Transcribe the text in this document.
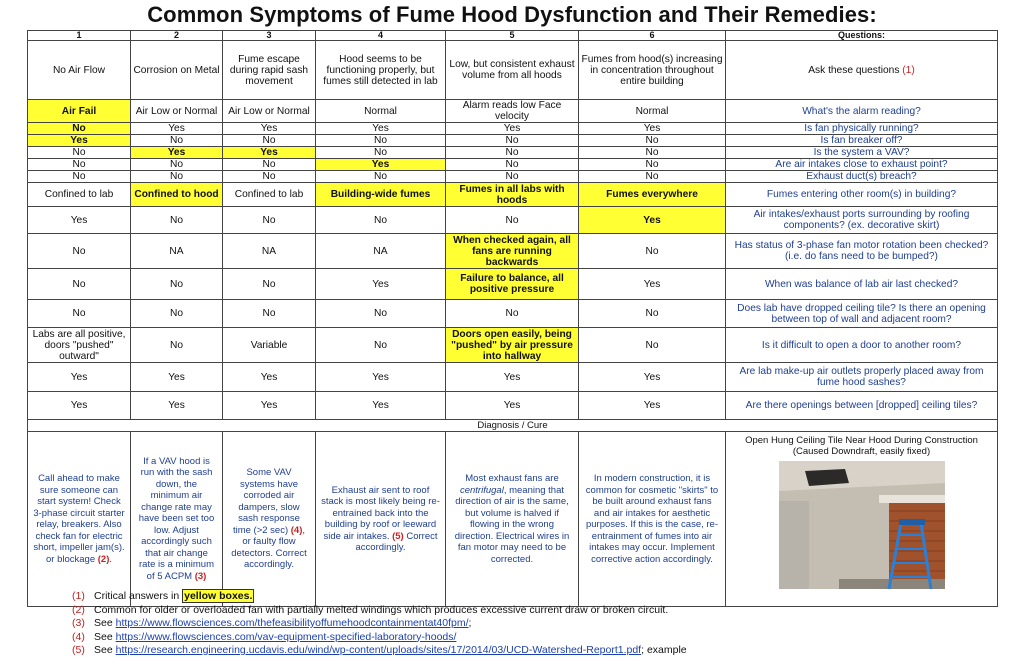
Common Symptoms of Fume Hood Dysfunction and Their Remedies:
1	2	3	4	5	6	Questions:
No Air Flow	Corrosion on Metal	Fume escape during rapid sash movement	Hood seems to be functioning properly, but fumes still detected in lab	Low, but consistent exhaust volume from all hoods	Fumes from hood(s) increasing in concentration throughout entire building	Ask these questions (1)
Air Fail	Air Low or Normal	Air Low or Normal	Normal	Alarm reads low Face velocity	Normal	What's the alarm reading?
No	Yes	Yes	Yes	Yes	Yes	Is fan physically running?
Yes	No	No	No	No	No	Is fan breaker off?
No	Yes	Yes	No	No	No	Is the system a VAV?
No	No	No	Yes	No	No	Are air intakes close to exhaust point?
No	No	No	No	No	No	Exhaust duct(s) breach?
Confined to lab	Confined to hood	Confined to lab	Building-wide fumes	Fumes in all labs with hoods	Fumes everywhere	Fumes entering other room(s) in building?
Yes	No	No	No	No	Yes	Air intakes/exhaust ports surrounding by roofing components? (ex. decorative skirt)
No	NA	NA	NA	When checked again, all fans are running backwards	No	Has status of 3-phase fan motor rotation been checked? (i.e. do fans need to be bumped?)
No	No	No	Yes	Failure to balance, all positive pressure	Yes	When was balance of lab air last checked?
No	No	No	No	No	No	Does lab have dropped ceiling tile? Is there an opening between top of wall and adjacent room?
Labs are all positive, doors "pushed" outward"	No	Variable	No	Doors open easily, being "pushed" by air pressure into hallway	No	Is it difficult to open a door to another room?
Yes	Yes	Yes	Yes	Yes	Yes	Are lab make-up air outlets properly placed away from fume hood sashes?
Yes	Yes	Yes	Yes	Yes	Yes	Are there openings between [dropped] ceiling tiles?
Diagnosis / Cure						
Call ahead to make sure someone can start system! Check 3-phase circuit starter relay, breakers. Also check fan for electric short, impeller jam(s). or blockage (2).	If a VAV hood is run with the sash down, the minimum air change rate may have been set too low. Adjust accordingly such that air change rate is a minimum of 5 ACPM (3)	Some VAV systems have corroded air dampers, slow sash response time (>2 sec) (4), or faulty flow detectors. Correct accordingly.	Exhaust air sent to roof stack is most likely being re-entrained back into the building by roof or leeward side air intakes. (5) Correct accordingly.	Most exhaust fans are centrifugal, meaning that direction of air is the same, but volume is halved if flowing in the wrong direction. Electrical wires in fan motor may need to be corrected.	In modern construction, it is common for cosmetic "skirts" to be built around exhaust fans and air intakes for aesthetic purposes. If this is the case, re-entrainment of fumes into air intakes may occur. Implement corrective action accordingly.	Open Hung Ceiling Tile Near Hood During Construction (Caused Downdraft, easily fixed)
(1) Critical answers in yellow boxes.
(2) Common for older or overloaded fan with partially melted windings which produces excessive current draw or broken circuit.
(3) See https://www.flowsciences.com/thefeasibilityoffumehoodcontainmentat40fpm/;
(4) See https://www.flowsciences.com/vav-equipment-specified-laboratory-hoods/
(5) See https://research.engineering.ucdavis.edu/wind/wp-content/uploads/sites/17/2014/03/UCD-Watershed-Report1.pdf; example
